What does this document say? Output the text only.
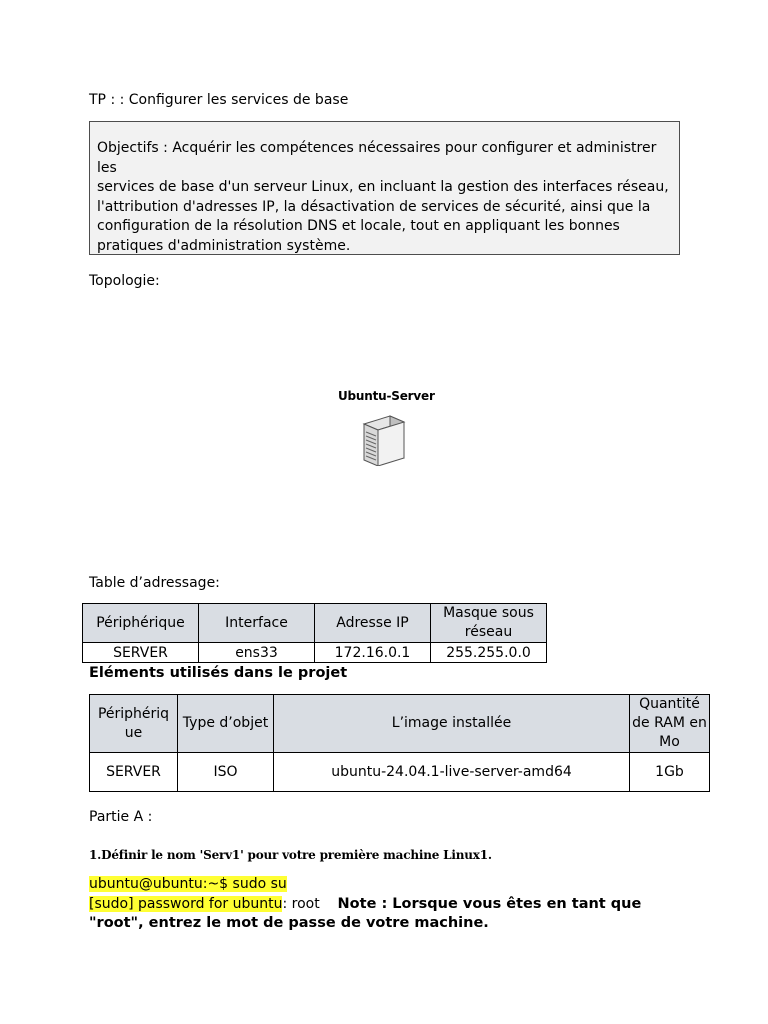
TP : : Configurer les services de base

Objectifs : Acquérir les compétences nécessaires pour configurer et administrer les

services de base d'un serveur Linux, en incluant la gestion des interfaces réseau,

l'attribution d'adresses IP, la désactivation de services de sécurité, ainsi que la

configuration de la résolution DNS et locale, tout en appliquant les bonnes

pratiques d'administration système.

Topologie:
Ubuntu-Server
Table d’adressage:
Périphérique	Interface	Adresse IP	Masque sous réseau
SERVER	ens33	172.16.0.1	255.255.0.0
Eléments utilisés dans le projet
Périphériq ue	Type d’objet	L’image installée	Quantité de RAM en Mo
SERVER	ISO	ubuntu-24.04.1-live-server-amd64	1Gb
Partie A :
1.Définir le nom 'Serv1' pour votre première machine Linux1.
ubuntu@ubuntu:~$ sudo su
[sudo] password for ubuntu: root Note : Lorsque vous êtes en tant que
"root", entrez le mot de passe de votre machine.
